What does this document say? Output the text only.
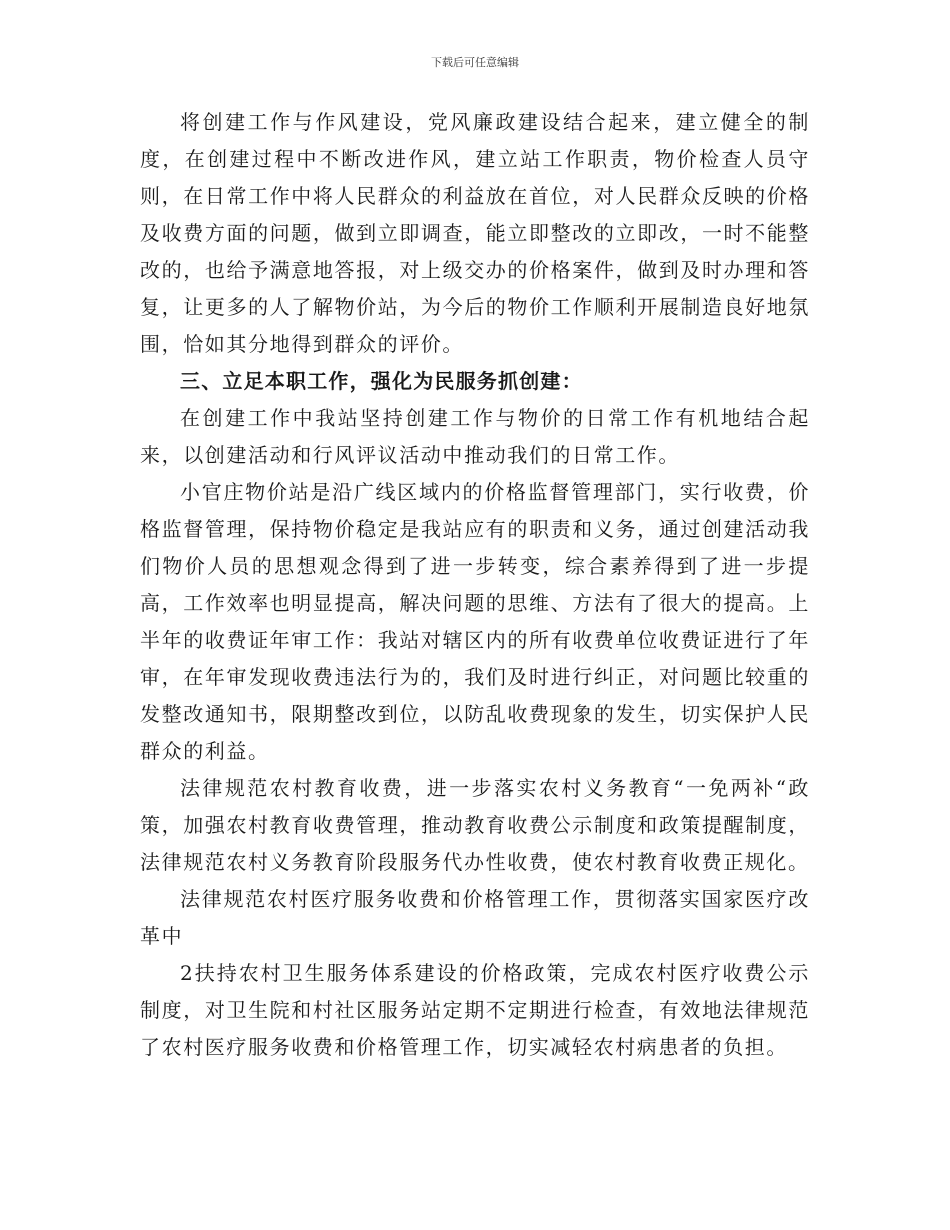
下载后可任意编辑

将创建工作与作风建设，党风廉政建设结合起来，建立健全的制度，在创建过程中不断改进作风，建立站工作职责，物价检查人员守则，在日常工作中将人民群众的利益放在首位，对人民群众反映的价格及收费方面的问题，做到立即调查，能立即整改的立即改，一时不能整改的，也给予满意地答报，对上级交办的价格案件，做到及时办理和答复，让更多的人了解物价站，为今后的物价工作顺利开展制造良好地氛围，恰如其分地得到群众的评价。

三、立足本职工作，强化为民服务抓创建：

在创建工作中我站坚持创建工作与物价的日常工作有机地结合起来，以创建活动和行风评议活动中推动我们的日常工作。

小官庄物价站是沿广线区域内的价格监督管理部门，实行收费，价格监督管理，保持物价稳定是我站应有的职责和义务，通过创建活动我们物价人员的思想观念得到了进一步转变，综合素养得到了进一步提高，工作效率也明显提高，解决问题的思维、方法有了很大的提高。上半年的收费证年审工作：我站对辖区内的所有收费单位收费证进行了年审，在年审发现收费违法行为的，我们及时进行纠正，对问题比较重的发整改通知书，限期整改到位，以防乱收费现象的发生，切实保护人民群众的利益。

法律规范农村教育收费，进一步落实农村义务教育“一免两补“政策，加强农村教育收费管理，推动教育收费公示制度和政策提醒制度，法律规范农村义务教育阶段服务代办性收费，使农村教育收费正规化。

法律规范农村医疗服务收费和价格管理工作，贯彻落实国家医疗改革中

2扶持农村卫生服务体系建设的价格政策，完成农村医疗收费公示制度，对卫生院和村社区服务站定期不定期进行检查，有效地法律规范了农村医疗服务收费和价格管理工作，切实减轻农村病患者的负担。
